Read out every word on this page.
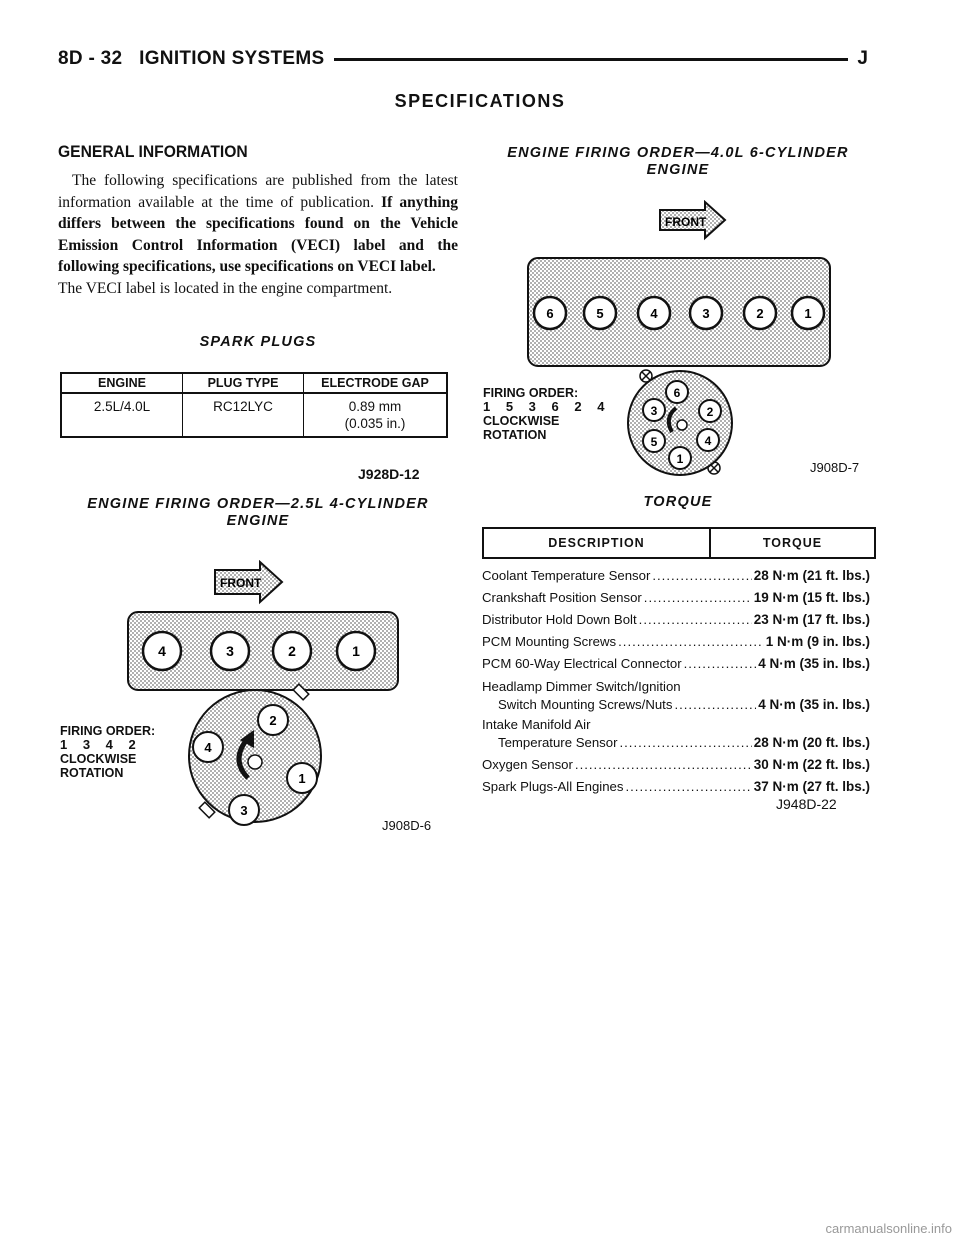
8D - 32   IGNITION SYSTEMS	J
SPECIFICATIONS
GENERAL INFORMATION

The following specifications are published from the latest information available at the time of publication. If anything differs between the specifications found on the Vehicle Emission Control Information (VECI) label and the following specifications, use specifications on VECI label.

The VECI label is located in the engine compartment.

SPARK PLUGS
ENGINE	PLUG TYPE	ELECTRODE GAP
2.5L/4.0L	RC12LYC	0.89 mm
(0.035 in.)
J928D-12
ENGINE FIRING ORDER—2.5L 4-CYLINDER
ENGINE
FRONT
4	3	2	1
2
4
1
3
FIRING ORDER:
1 3 4 2
CLOCKWISE
ROTATION
J908D-6
ENGINE FIRING ORDER—4.0L 6-CYLINDER
ENGINE
FRONT
6	5	4	3	2	1
6
3	2
5	4
1
FIRING ORDER:
1 5 3 6 2 4
CLOCKWISE
ROTATION
J908D-7
TORQUE
DESCRIPTION	TORQUE
Coolant Temperature Sensor .....	28 N·m (21 ft. lbs.)
Crankshaft Position Sensor .....	19 N·m (15 ft. lbs.)
Distributor Hold Down Bolt .....	23 N·m (17 ft. lbs.)
PCM Mounting Screws .....	1 N·m (9 in. lbs.)
PCM 60-Way Electrical Connector .....	4 N·m (35 in. lbs.)
Headlamp Dimmer Switch/Ignition
Switch Mounting Screws/Nuts .....	4 N·m (35 in. lbs.)
Intake Manifold Air
Temperature Sensor .....	28 N·m (20 ft. lbs.)
Oxygen Sensor .....	30 N·m (22 ft. lbs.)
Spark Plugs-All Engines .....	37 N·m (27 ft. lbs.)
J948D-22
carmanualsonline.info
